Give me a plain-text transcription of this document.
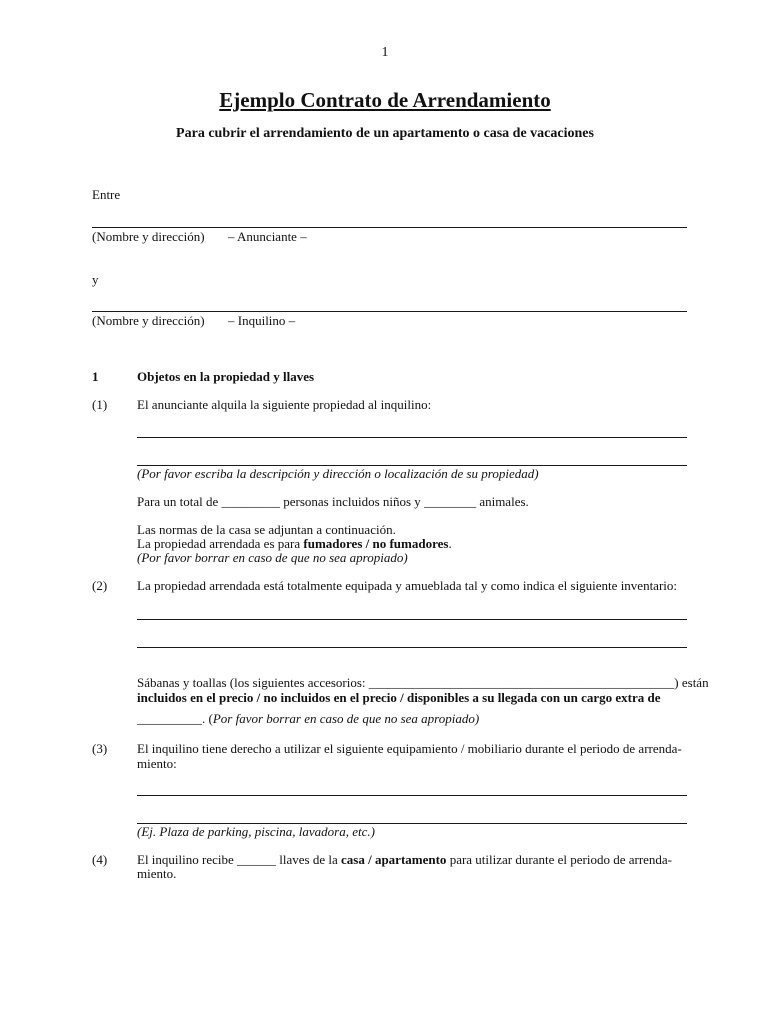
1
Ejemplo Contrato de Arrendamiento
Para cubrir el arrendamiento de un apartamento o casa de vacaciones
Entre
(Nombre y dirección) – Anunciante –
y
(Nombre y dirección) – Inquilino –
1	Objetos en la propiedad y llaves
(1) El anunciante alquila la siguiente propiedad al inquilino:
(Por favor escriba la descripción y dirección o localización de su propiedad)
Para un total de _________ personas incluidos niños y ________ animales.
Las normas de la casa se adjuntan a continuación.
La propiedad arrendada es para fumadores / no fumadores.
(Por favor borrar en caso de que no sea apropiado)
(2) La propiedad arrendada está totalmente equipada y amueblada tal y como indica el siguiente inventario:
Sábanas y toallas (los siguientes accesorios: _______________________________________________) están
incluidos en el precio / no incluidos en el precio / disponibles a su llegada con un cargo extra de
__________. (Por favor borrar en caso de que no sea apropiado)
(3) El inquilino tiene derecho a utilizar el siguiente equipamiento / mobiliario durante el periodo de arrenda-
miento:
(Ej. Plaza de parking, piscina, lavadora, etc.)
(4) El inquilino recibe ______ llaves de la casa / apartamento para utilizar durante el periodo de arrenda-
miento.
